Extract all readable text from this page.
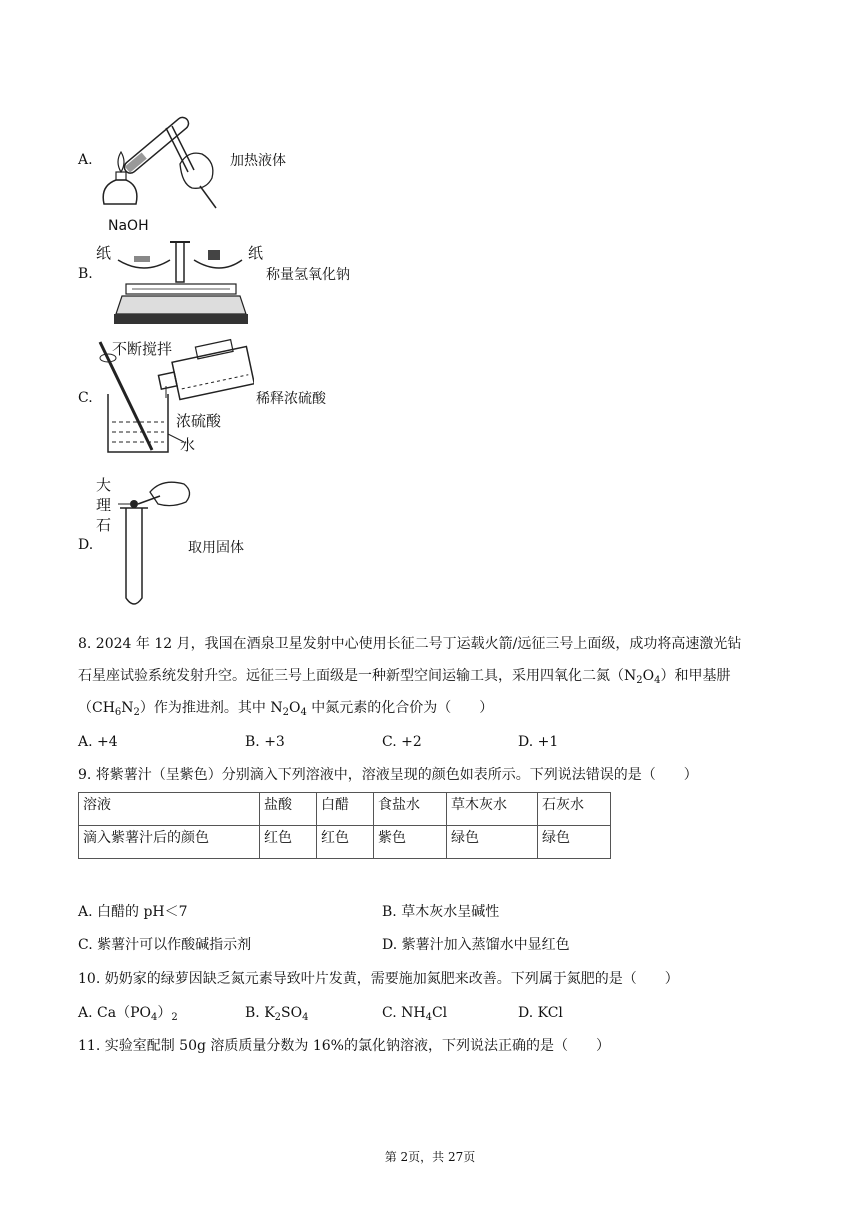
A.	加热液体
B.
NaOH
纸	纸
称量氢氧化钠
C.
不断搅拌
浓硫酸
水
稀释浓硫酸
D.
大
理
石
取用固体
8. 2024 年 12 月，我国在酒泉卫星发射中心使用长征二号丁运载火箭/远征三号上面级，成功将高速激光钻
石星座试验系统发射升空。远征三号上面级是一种新型空间运输工具，采用四氧化二氮$(N_2O_4)$和甲基肼
$(CH_6N_2)$作为推进剂。其中 $N_2O_4$ 中氮元素的化合价为（　　）
A. +4	B. +3	C. +2	D. +1
9. 将紫薯汁（呈紫色）分别滴入下列溶液中，溶液呈现的颜色如表所示。下列说法错误的是（　　）
溶液	盐酸	白醋	食盐水	草木灰水	石灰水
滴入紫薯汁后的颜色	红色	红色	紫色	绿色	绿色
A. 白醋的 pH＜7	B. 草木灰水呈碱性
C. 紫薯汁可以作酸碱指示剂	D. 紫薯汁加入蒸馏水中显红色
10. 奶奶家的绿萝因缺乏氮元素导致叶片发黄，需要施加氮肥来改善。下列属于氮肥的是（　　）
A. $Ca(PO_4)_2$	B. $K_2SO_4$	C. $NH_4Cl$	D. KCl
11. 实验室配制 50g 溶质质量分数为 16%的氯化钠溶液，下列说法正确的是（　　）
第 2页，共 27页
